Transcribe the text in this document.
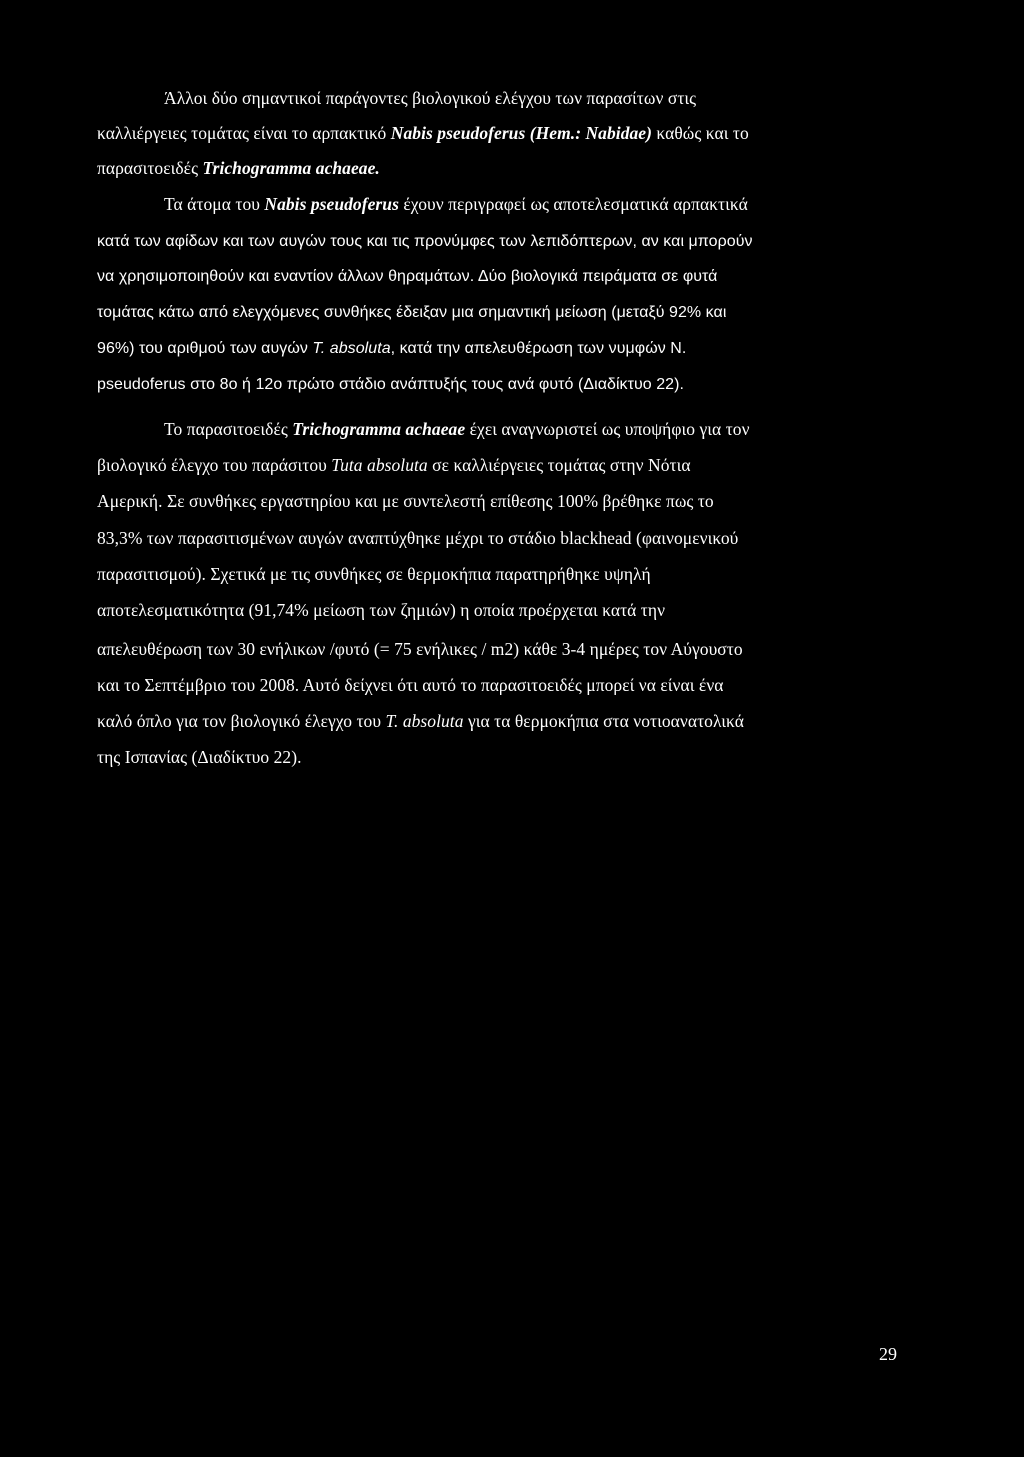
Άλλοι δύο σημαντικοί παράγοντες βιολογικού ελέγχου των παρασίτων στις
καλλιέργειες τομάτας είναι το αρπακτικό Nabis pseudoferus (Hem.: Nabidae) καθώς και το
παρασιτοειδές Trichogramma achaeae.
Τα άτομα του Nabis pseudoferus έχουν περιγραφεί ως αποτελεσματικά αρπακτικά
κατά των αφίδων και των αυγών τους και τις προνύμφες των λεπιδόπτερων, αν και μπορούν
να χρησιμοποιηθούν και εναντίον άλλων θηραμάτων. Δύο βιολογικά πειράματα σε φυτά
τομάτας κάτω από ελεγχόμενες συνθήκες έδειξαν μια σημαντική μείωση (μεταξύ 92% και
96%) του αριθμού των αυγών T. absoluta, κατά την απελευθέρωση των νυμφών N.
pseudoferus στο 8ο ή 12ο πρώτο στάδιο ανάπτυξής τους ανά φυτό (Διαδίκτυο 22).
Το παρασιτοειδές Trichogramma achaeae έχει αναγνωριστεί ως υποψήφιο για τον
βιολογικό έλεγχο του παράσιτου Tuta absoluta σε καλλιέργειες τομάτας στην Νότια
Αμερική. Σε συνθήκες εργαστηρίου και με συντελεστή επίθεσης 100% βρέθηκε πως το
83,3% των παρασιτισμένων αυγών αναπτύχθηκε μέχρι το στάδιο blackhead (φαινομενικού
παρασιτισμού). Σχετικά με τις συνθήκες σε θερμοκήπια παρατηρήθηκε υψηλή
αποτελεσματικότητα (91,74% μείωση των ζημιών) η οποία προέρχεται κατά την
απελευθέρωση των 30 ενήλικων /φυτό (= 75 ενήλικες / m2) κάθε 3-4 ημέρες τον Αύγουστο
και το Σεπτέμβριο του 2008. Αυτό δείχνει ότι αυτό το παρασιτοειδές μπορεί να είναι ένα
καλό όπλο για τον βιολογικό έλεγχο του T. absoluta για τα θερμοκήπια στα νοτιοανατολικά
της Ισπανίας (Διαδίκτυο 22).
29
